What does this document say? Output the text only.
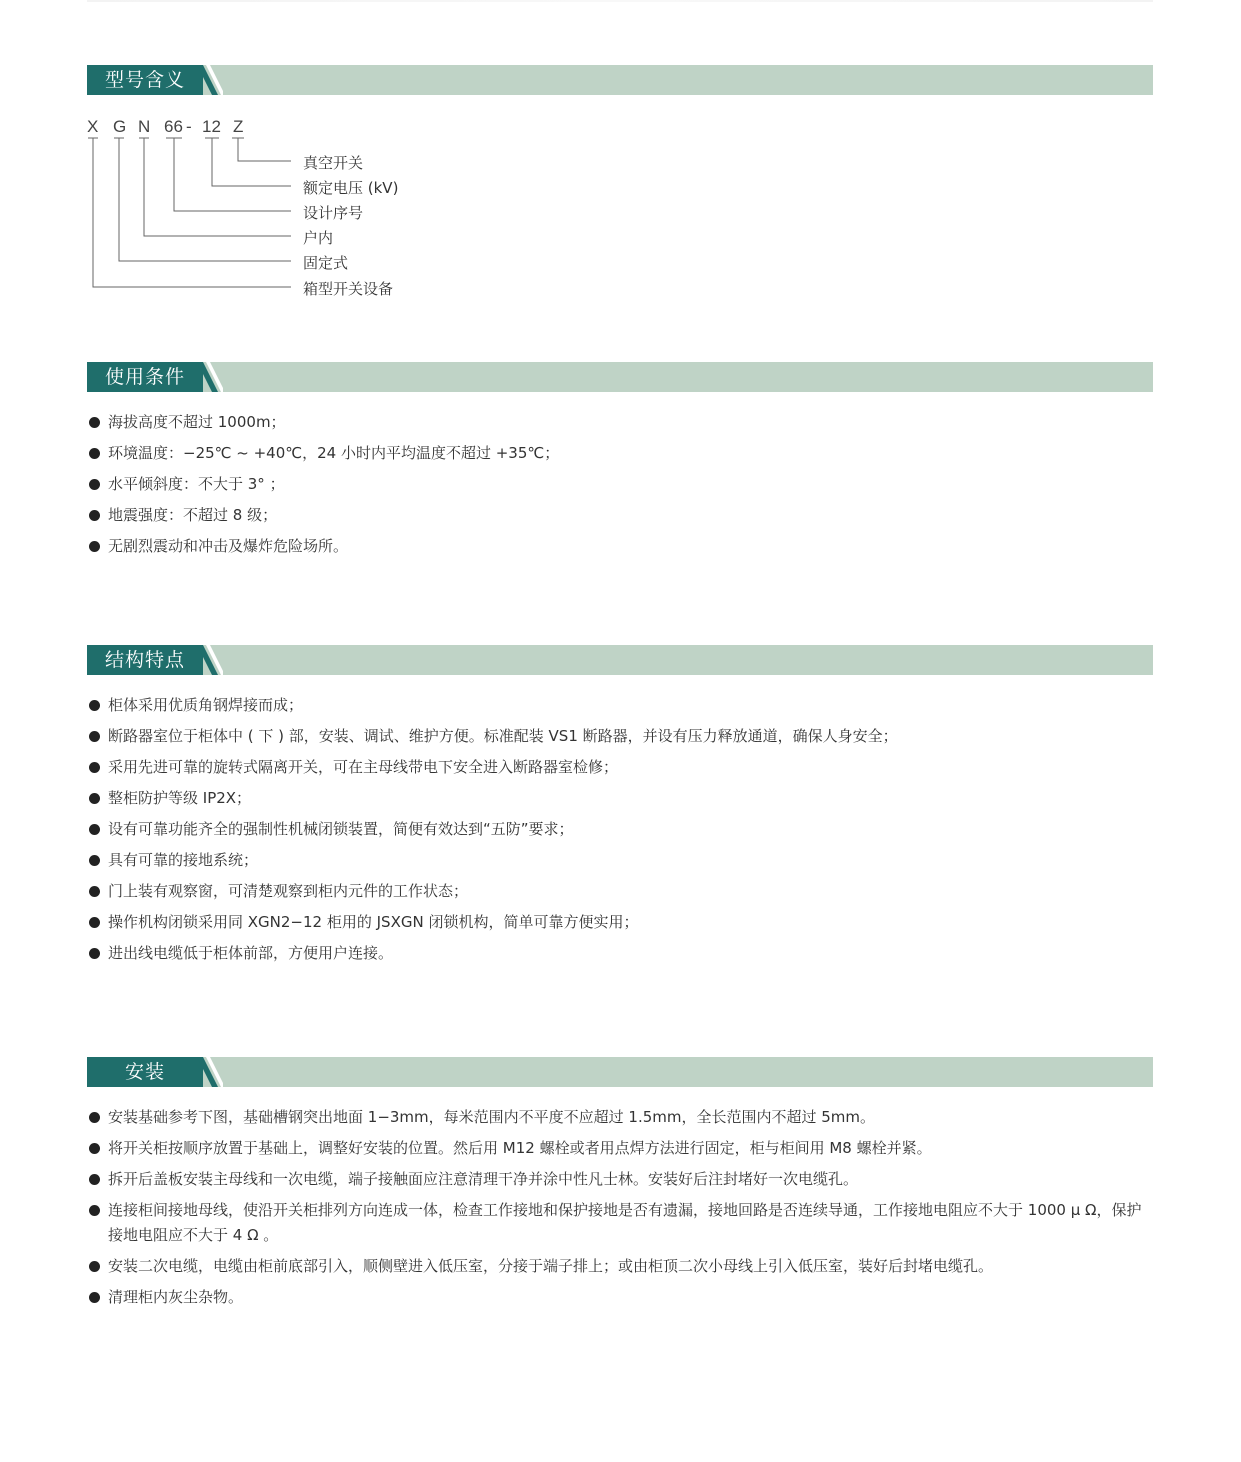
型号含义
X G N 66 - 12 Z
真空开关
额定电压 (kV)
设计序号
户内
固定式
箱型开关设备
使用条件
海拔高度不超过 1000m；
环境温度：−25℃ ~ +40℃，24 小时内平均温度不超过 +35℃；
水平倾斜度：不大于 3° ；
地震强度：不超过 8 级；
无剧烈震动和冲击及爆炸危险场所。
结构特点
柜体采用优质角钢焊接而成；
断路器室位于柜体中 ( 下 ) 部，安装、调试、维护方便。标准配装 VS1 断路器，并设有压力释放通道，确保人身安全；
采用先进可靠的旋转式隔离开关，可在主母线带电下安全进入断路器室检修；
整柜防护等级 IP2X；
设有可靠功能齐全的强制性机械闭锁装置，简便有效达到“五防”要求；
具有可靠的接地系统；
门上装有观察窗，可清楚观察到柜内元件的工作状态；
操作机构闭锁采用同 XGN2−12 柜用的 JSXGN 闭锁机构，简单可靠方便实用；
进出线电缆低于柜体前部，方便用户连接。
安装
安装基础参考下图，基础槽钢突出地面 1−3mm，每米范围内不平度不应超过 1.5mm，全长范围内不超过 5mm。
将开关柜按顺序放置于基础上，调整好安装的位置。然后用 M12 螺栓或者用点焊方法进行固定，柜与柜间用 M8 螺栓并紧。
拆开后盖板安装主母线和一次电缆，端子接触面应注意清理干净并涂中性凡士林。安装好后注封堵好一次电缆孔。
连接柜间接地母线，使沿开关柜排列方向连成一体，检查工作接地和保护接地是否有遗漏，接地回路是否连续导通，工作接地电阻应不大于 1000 μ Ω，保护接地电阻应不大于 4 Ω 。
安装二次电缆，电缆由柜前底部引入，顺侧壁进入低压室，分接于端子排上；或由柜顶二次小母线上引入低压室，装好后封堵电缆孔。
清理柜内灰尘杂物。
